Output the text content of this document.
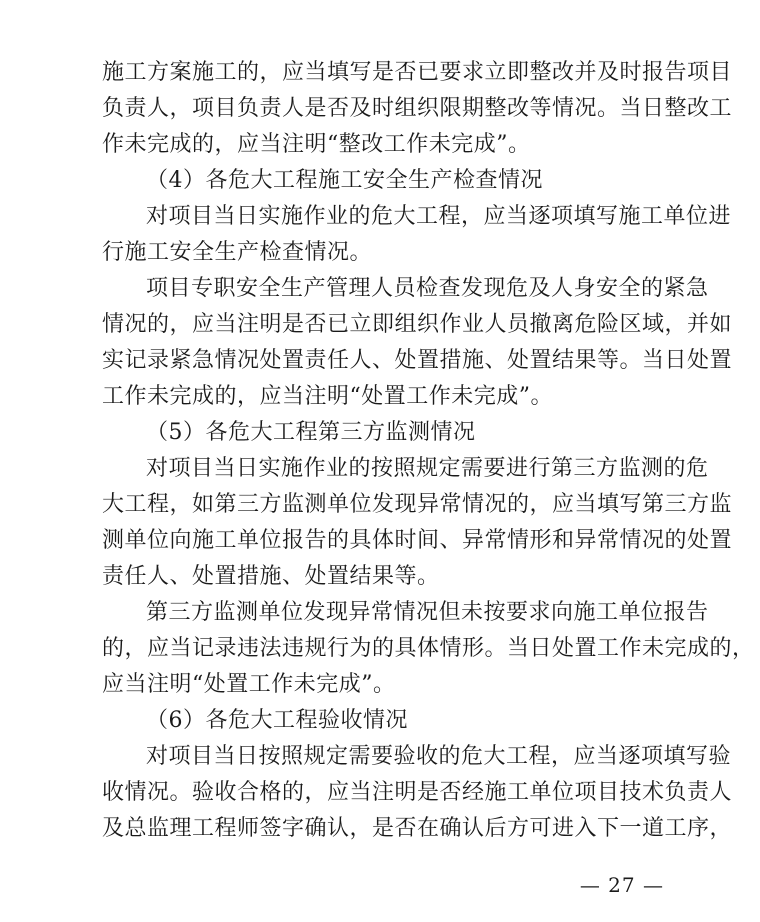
施工方案施工的，应当填写是否已要求立即整改并及时报告项目
负责人，项目负责人是否及时组织限期整改等情况。当日整改工
作未完成的，应当注明“整改工作未完成”。
（4）各危大工程施工安全生产检查情况
对项目当日实施作业的危大工程，应当逐项填写施工单位进
行施工安全生产检查情况。
项目专职安全生产管理人员检查发现危及人身安全的紧急
情况的，应当注明是否已立即组织作业人员撤离危险区域，并如
实记录紧急情况处置责任人、处置措施、处置结果等。当日处置
工作未完成的，应当注明“处置工作未完成”。
（5）各危大工程第三方监测情况
对项目当日实施作业的按照规定需要进行第三方监测的危
大工程，如第三方监测单位发现异常情况的，应当填写第三方监
测单位向施工单位报告的具体时间、异常情形和异常情况的处置
责任人、处置措施、处置结果等。
第三方监测单位发现异常情况但未按要求向施工单位报告
的，应当记录违法违规行为的具体情形。当日处置工作未完成的，
应当注明“处置工作未完成”。
（6）各危大工程验收情况
对项目当日按照规定需要验收的危大工程，应当逐项填写验
收情况。验收合格的，应当注明是否经施工单位项目技术负责人
及总监理工程师签字确认，是否在确认后方可进入下一道工序，
— 27 —
